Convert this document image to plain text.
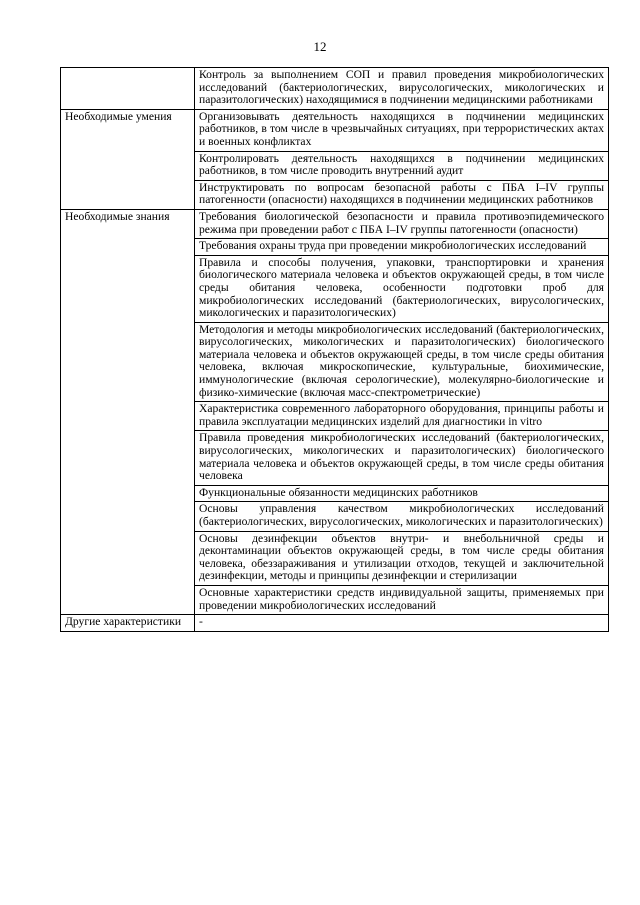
12
	Контроль за выполнением СОП и правил проведения микробиологических исследований (бактериологических, вирусологических, микологических и паразитологических) находящимися в подчинении медицинскими работниками
Необходимые умения	Организовывать деятельность находящихся в подчинении медицинских работников, в том числе в чрезвычайных ситуациях, при террористических актах и военных конфликтах
	Контролировать деятельность находящихся в подчинении медицинских работников, в том числе проводить внутренний аудит
	Инструктировать по вопросам безопасной работы с ПБА I–IV группы патогенности (опасности) находящихся в подчинении медицинских работников
Необходимые знания	Требования биологической безопасности и правила противоэпидемического режима при проведении работ с ПБА I–IV группы патогенности (опасности)
	Требования охраны труда при проведении микробиологических исследований
	Правила и способы получения, упаковки, транспортировки и хранения биологического материала человека и объектов окружающей среды, в том числе среды обитания человека, особенности подготовки проб для микробиологических исследований (бактериологических, вирусологических, микологических и паразитологических)
	Методология и методы микробиологических исследований (бактериологических, вирусологических, микологических и паразитологических) биологического материала человека и объектов окружающей среды, в том числе среды обитания человека, включая микроскопические, культуральные, биохимические, иммунологические (включая серологические), молекулярно-биологические и физико-химические (включая масс-спектрометрические)
	Характеристика современного лабораторного оборудования, принципы работы и правила эксплуатации медицинских изделий для диагностики in vitro
	Правила проведения микробиологических исследований (бактериологических, вирусологических, микологических и паразитологических) биологического материала человека и объектов окружающей среды, в том числе среды обитания человека
	Функциональные обязанности медицинских работников
	Основы управления качеством микробиологических исследований (бактериологических, вирусологических, микологических и паразитологических)
	Основы дезинфекции объектов внутри- и внебольничной среды и деконтаминации объектов окружающей среды, в том числе среды обитания человека, обеззараживания и утилизации отходов, текущей и заключительной дезинфекции, методы и принципы дезинфекции и стерилизации
	Основные характеристики средств индивидуальной защиты, применяемых при проведении микробиологических исследований
Другие характеристики	-
